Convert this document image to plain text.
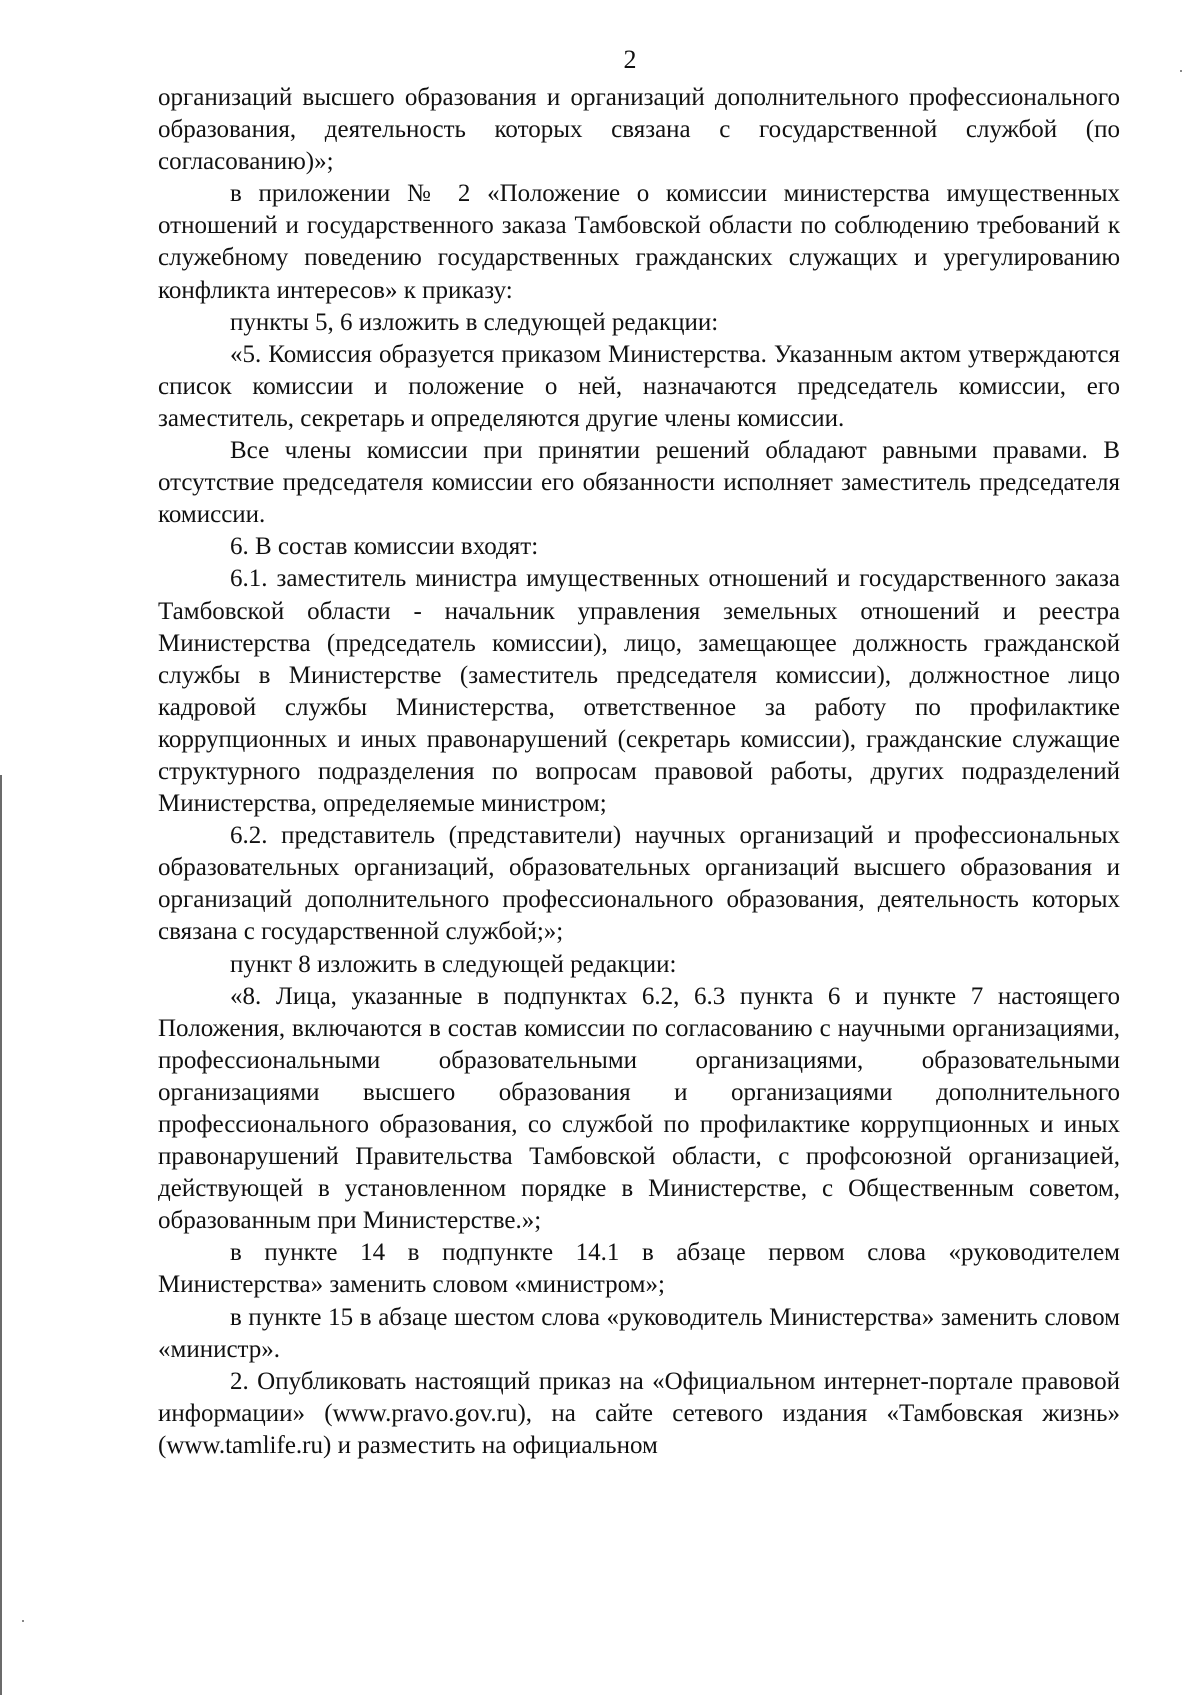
2

организаций высшего образования и организаций дополнительного профессионального образования, деятельность которых связана с государственной службой (по согласованию)»;

в приложении № 2 «Положение о комиссии министерства имущественных отношений и государственного заказа Тамбовской области по соблюдению требований к служебному поведению государственных гражданских служащих и урегулированию конфликта интересов» к приказу:

пункты 5, 6 изложить в следующей редакции:

«5. Комиссия образуется приказом Министерства. Указанным актом утверждаются список комиссии и положение о ней, назначаются председатель комиссии, его заместитель, секретарь и определяются другие члены комиссии.

Все члены комиссии при принятии решений обладают равными правами. В отсутствие председателя комиссии его обязанности исполняет заместитель председателя комиссии.

6. В состав комиссии входят:

6.1. заместитель министра имущественных отношений и государственного заказа Тамбовской области - начальник управления земельных отношений и реестра Министерства (председатель комиссии), лицо, замещающее должность гражданской службы в Министерстве (заместитель председателя комиссии), должностное лицо кадровой службы Министерства, ответственное за работу по профилактике коррупционных и иных правонарушений (секретарь комиссии), гражданские служащие структурного подразделения по вопросам правовой работы, других подразделений Министерства, определяемые министром;

6.2. представитель (представители) научных организаций и профессиональных образовательных организаций, образовательных организаций высшего образования и организаций дополнительного профессионального образования, деятельность которых связана с государственной службой;»;

пункт 8 изложить в следующей редакции:

«8. Лица, указанные в подпунктах 6.2, 6.3 пункта 6 и пункте 7 настоящего Положения, включаются в состав комиссии по согласованию с научными организациями, профессиональными образовательными организациями, образовательными организациями высшего образования и организациями дополнительного профессионального образования, со службой по профилактике коррупционных и иных правонарушений Правительства Тамбовской области, с профсоюзной организацией, действующей в установленном порядке в Министерстве, с Общественным советом, образованным при Министерстве.»;

в пункте 14 в подпункте 14.1 в абзаце первом слова «руководителем Министерства» заменить словом «министром»;

в пункте 15 в абзаце шестом слова «руководитель Министерства» заменить словом «министр».

2. Опубликовать настоящий приказ на «Официальном интернет-портале правовой информации» (www.pravo.gov.ru), на сайте сетевого издания «Тамбовская жизнь» (www.tamlife.ru) и разместить на официальном
